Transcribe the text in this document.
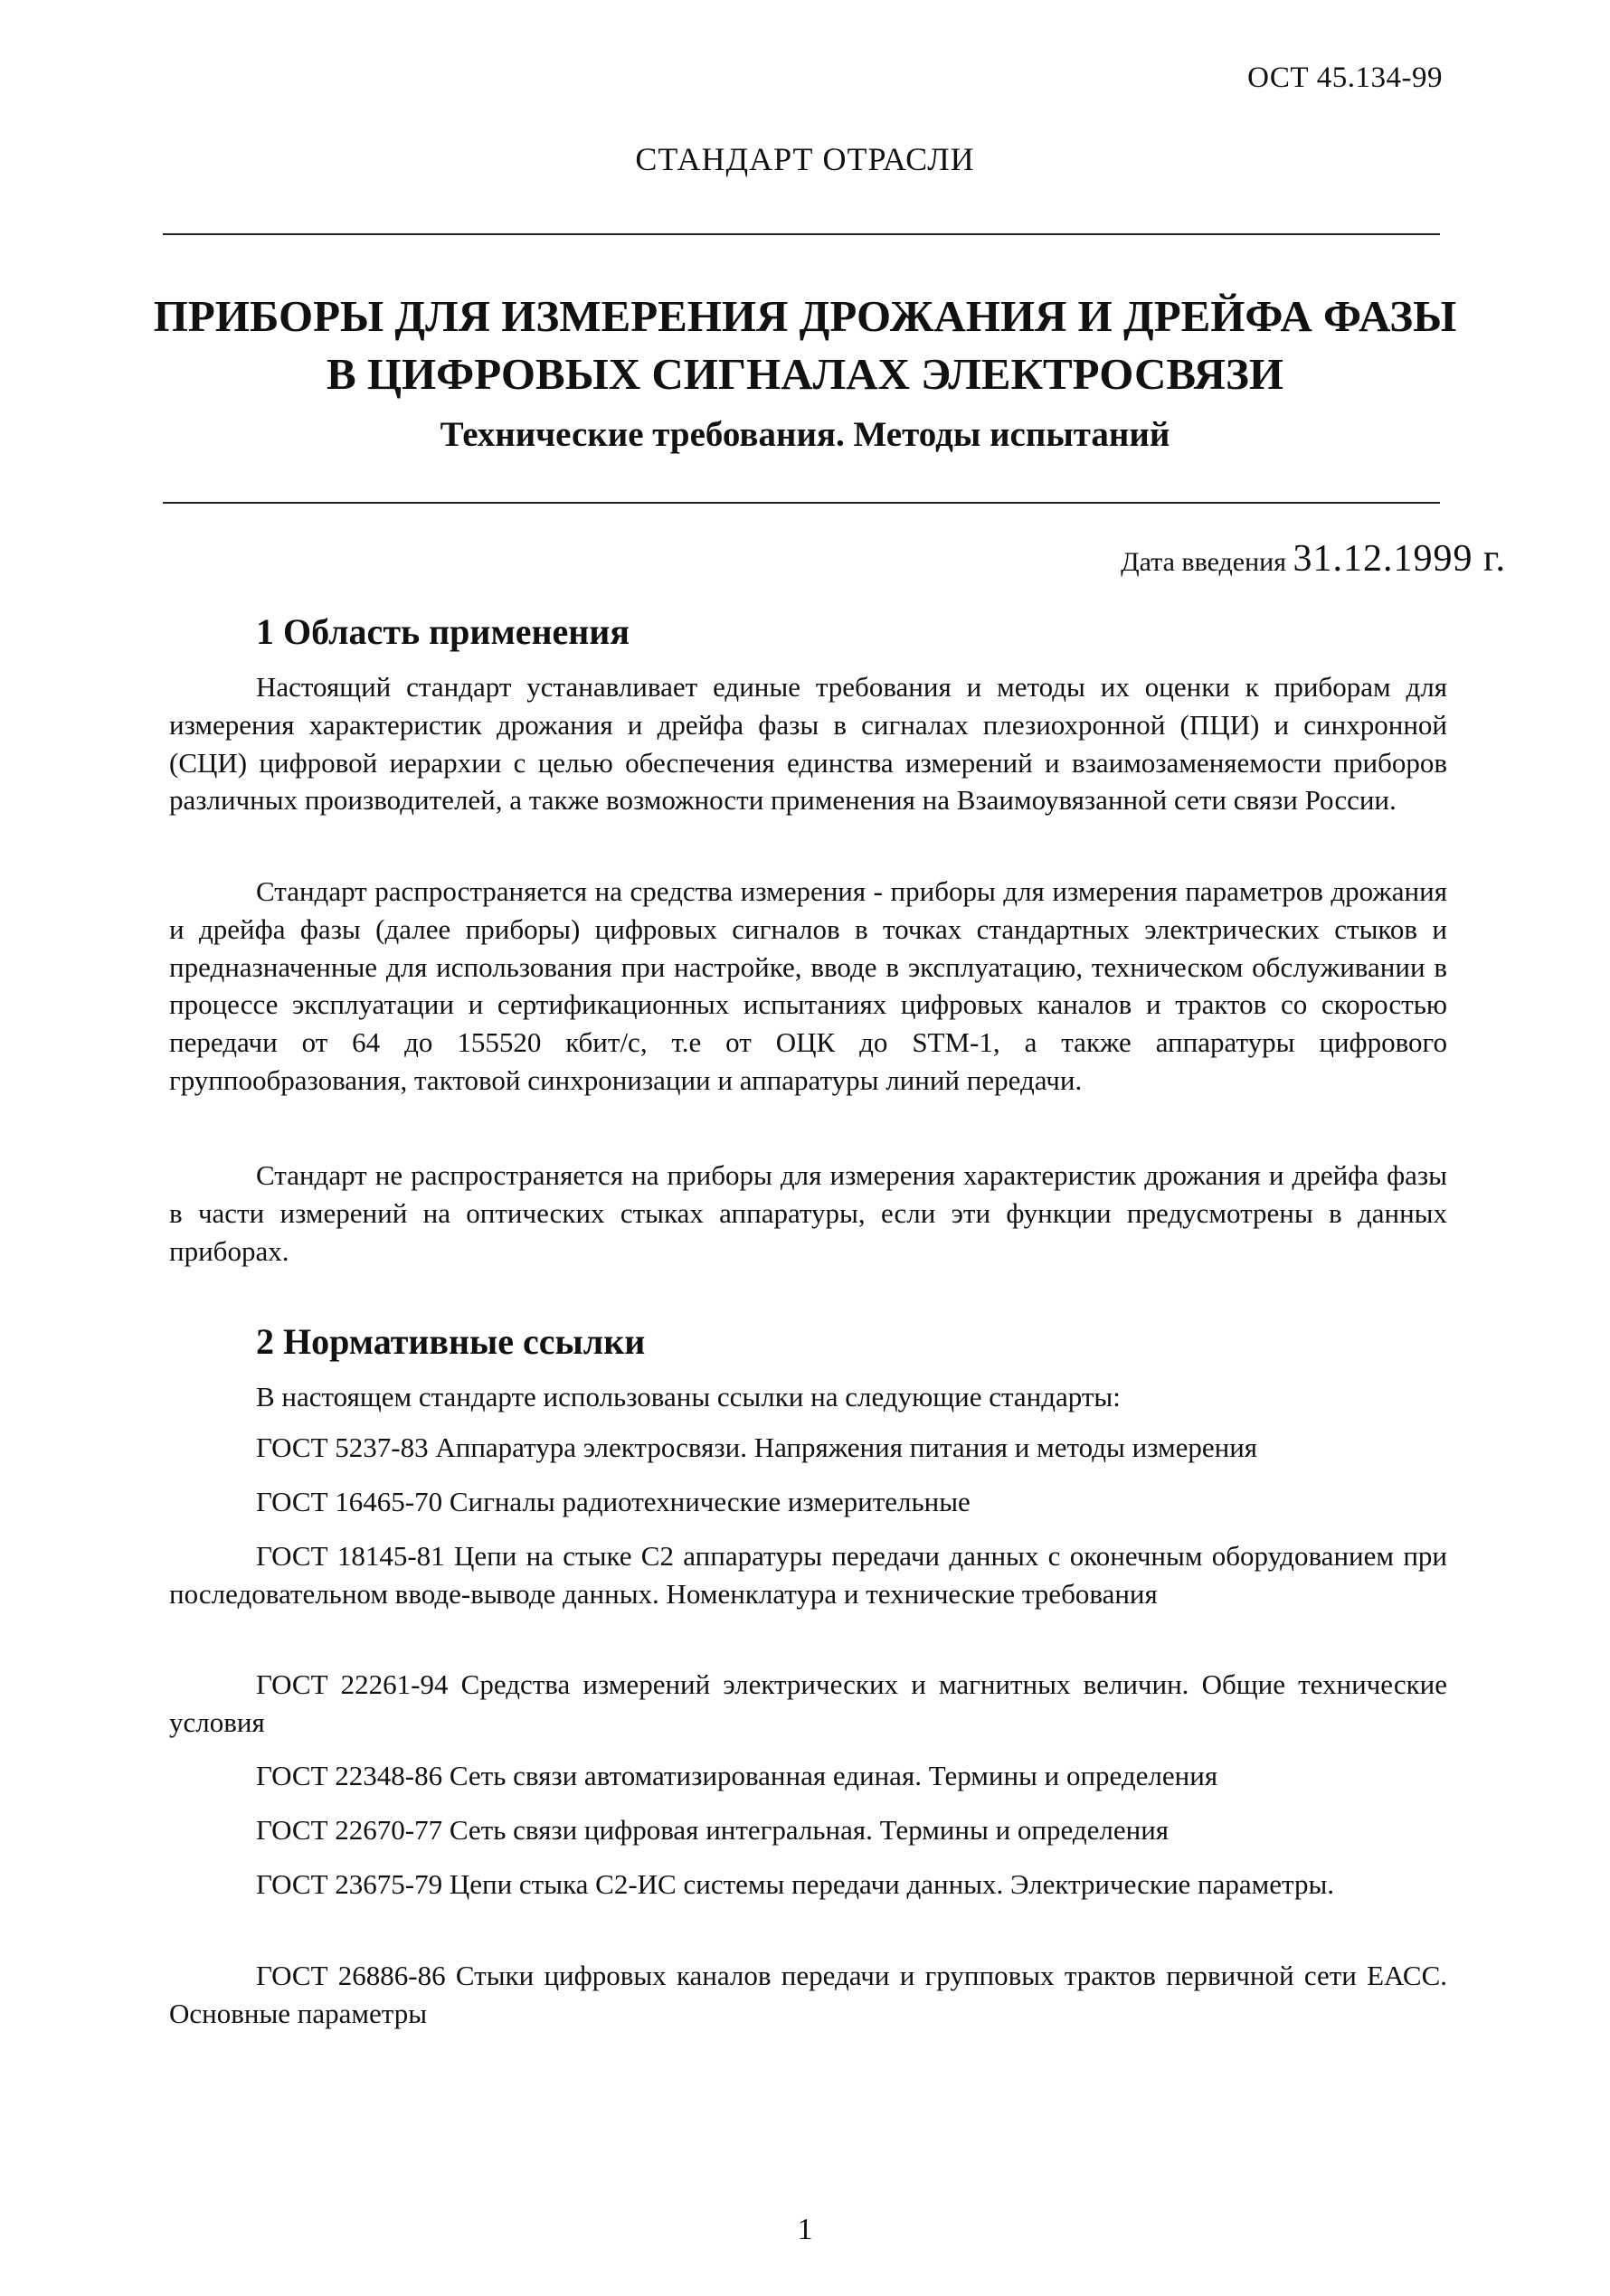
ОСТ 45.134-99
СТАНДАРТ ОТРАСЛИ
ПРИБОРЫ ДЛЯ ИЗМЕРЕНИЯ ДРОЖАНИЯ И ДРЕЙФА ФАЗЫ
В ЦИФРОВЫХ СИГНАЛАХ ЭЛЕКТРОСВЯЗИ
Технические требования. Методы испытаний
Дата введения 31.12.1999 г.
1 Область применения

Настоящий стандарт устанавливает единые требования и методы их оценки к приборам для измерения характеристик дрожания и дрейфа фазы в сигналах плезиохронной (ПЦИ) и синхронной (СЦИ) цифровой иерархии с целью обеспечения единства измерений и взаимозаменяемости приборов различных производителей, а также возможности применения на Взаимоувязанной сети связи России.

Стандарт распространяется на средства измерения - приборы для измерения параметров дрожания и дрейфа фазы (далее приборы) цифровых сигналов в точках стандартных электрических стыков и предназначенные для использования при настройке, вводе в эксплуатацию, техническом обслуживании в процессе эксплуатации и сертификационных испытаниях цифровых каналов и трактов со скоростью передачи от 64 до 155520 кбит/с, т.е от ОЦК до STM-1, а также аппаратуры цифрового группообразования, тактовой синхронизации и аппаратуры линий передачи.

Стандарт не распространяется на приборы для измерения характеристик дрожания и дрейфа фазы в части измерений на оптических стыках аппаратуры, если эти функции предусмотрены в данных приборах.

2 Нормативные ссылки

В настоящем стандарте использованы ссылки на следующие стандарты:

ГОСТ 5237-83 Аппаратура электросвязи. Напряжения питания и методы измерения

ГОСТ 16465-70 Сигналы радиотехнические измерительные

ГОСТ 18145-81 Цепи на стыке С2 аппаратуры передачи данных с оконечным оборудованием при последовательном вводе-выводе данных. Номенклатура и технические требования

ГОСТ 22261-94 Средства измерений электрических и магнитных величин. Общие технические условия

ГОСТ 22348-86 Сеть связи автоматизированная единая. Термины и определения

ГОСТ 22670-77 Сеть связи цифровая интегральная. Термины и определения

ГОСТ 23675-79 Цепи стыка С2-ИС системы передачи данных. Электрические параметры.

ГОСТ 26886-86 Стыки цифровых каналов передачи и групповых трактов первичной сети ЕАСС. Основные параметры

1
